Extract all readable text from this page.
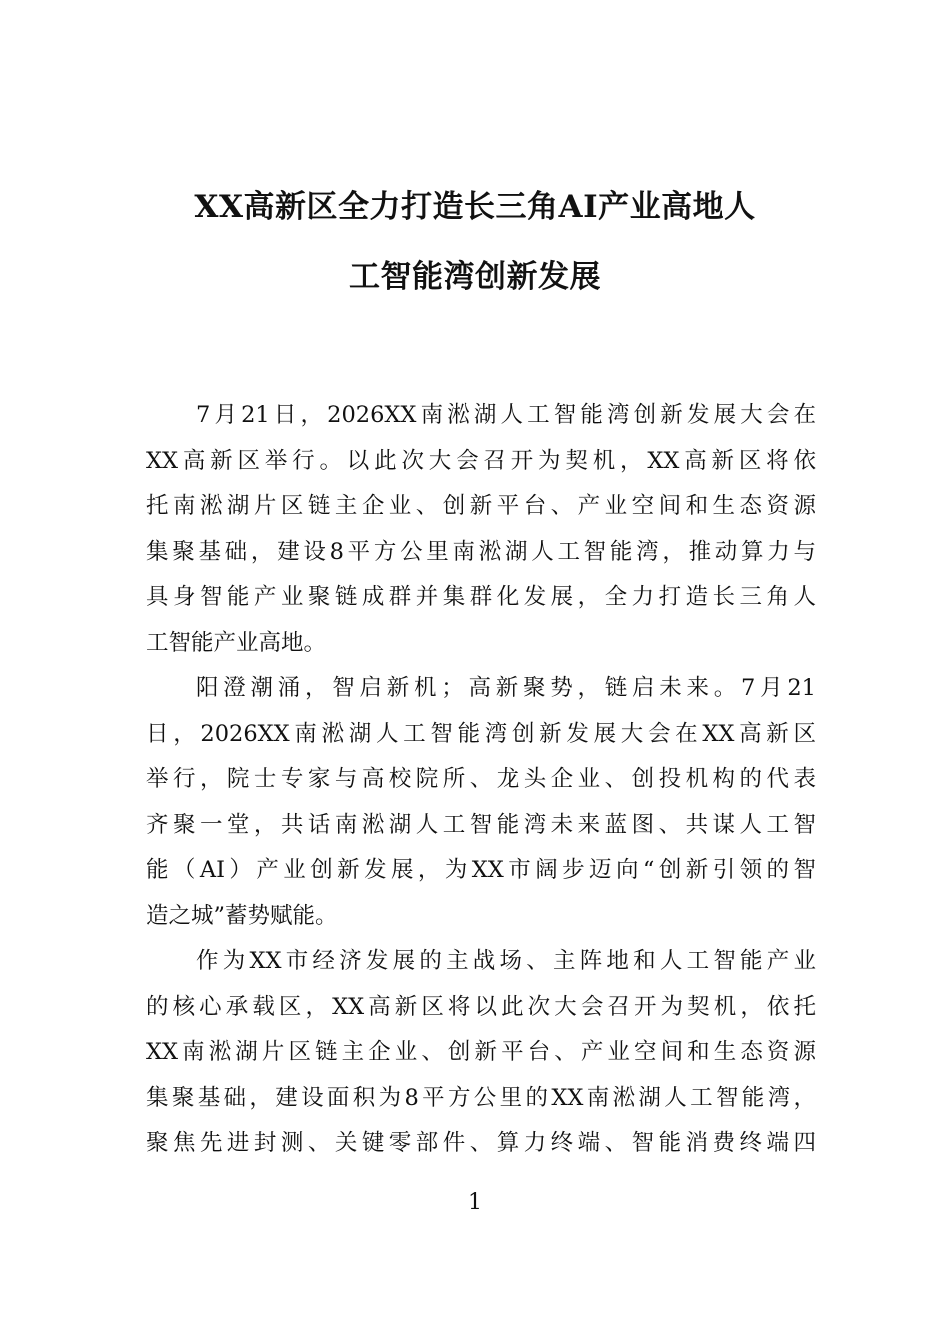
XX高新区全力打造长三角AI产业高地人
工智能湾创新发展
7月21日，2026XX南淞湖人工智能湾创新发展大会在
XX高新区举行。以此次大会召开为契机，XX高新区将依
托南淞湖片区链主企业、创新平台、产业空间和生态资源
集聚基础，建设8平方公里南淞湖人工智能湾，推动算力与
具身智能产业聚链成群并集群化发展，全力打造长三角人
工智能产业高地。
阳澄潮涌，智启新机；高新聚势，链启未来。7月21
日，2026XX南淞湖人工智能湾创新发展大会在XX高新区
举行，院士专家与高校院所、龙头企业、创投机构的代表
齐聚一堂，共话南淞湖人工智能湾未来蓝图、共谋人工智
能（AI）产业创新发展，为XX市阔步迈向“创新引领的智
造之城”蓄势赋能。
作为XX市经济发展的主战场、主阵地和人工智能产业
的核心承载区，XX高新区将以此次大会召开为契机，依托
XX南淞湖片区链主企业、创新平台、产业空间和生态资源
集聚基础，建设面积为8平方公里的XX南淞湖人工智能湾，
聚焦先进封测、关键零部件、算力终端、智能消费终端四
1
